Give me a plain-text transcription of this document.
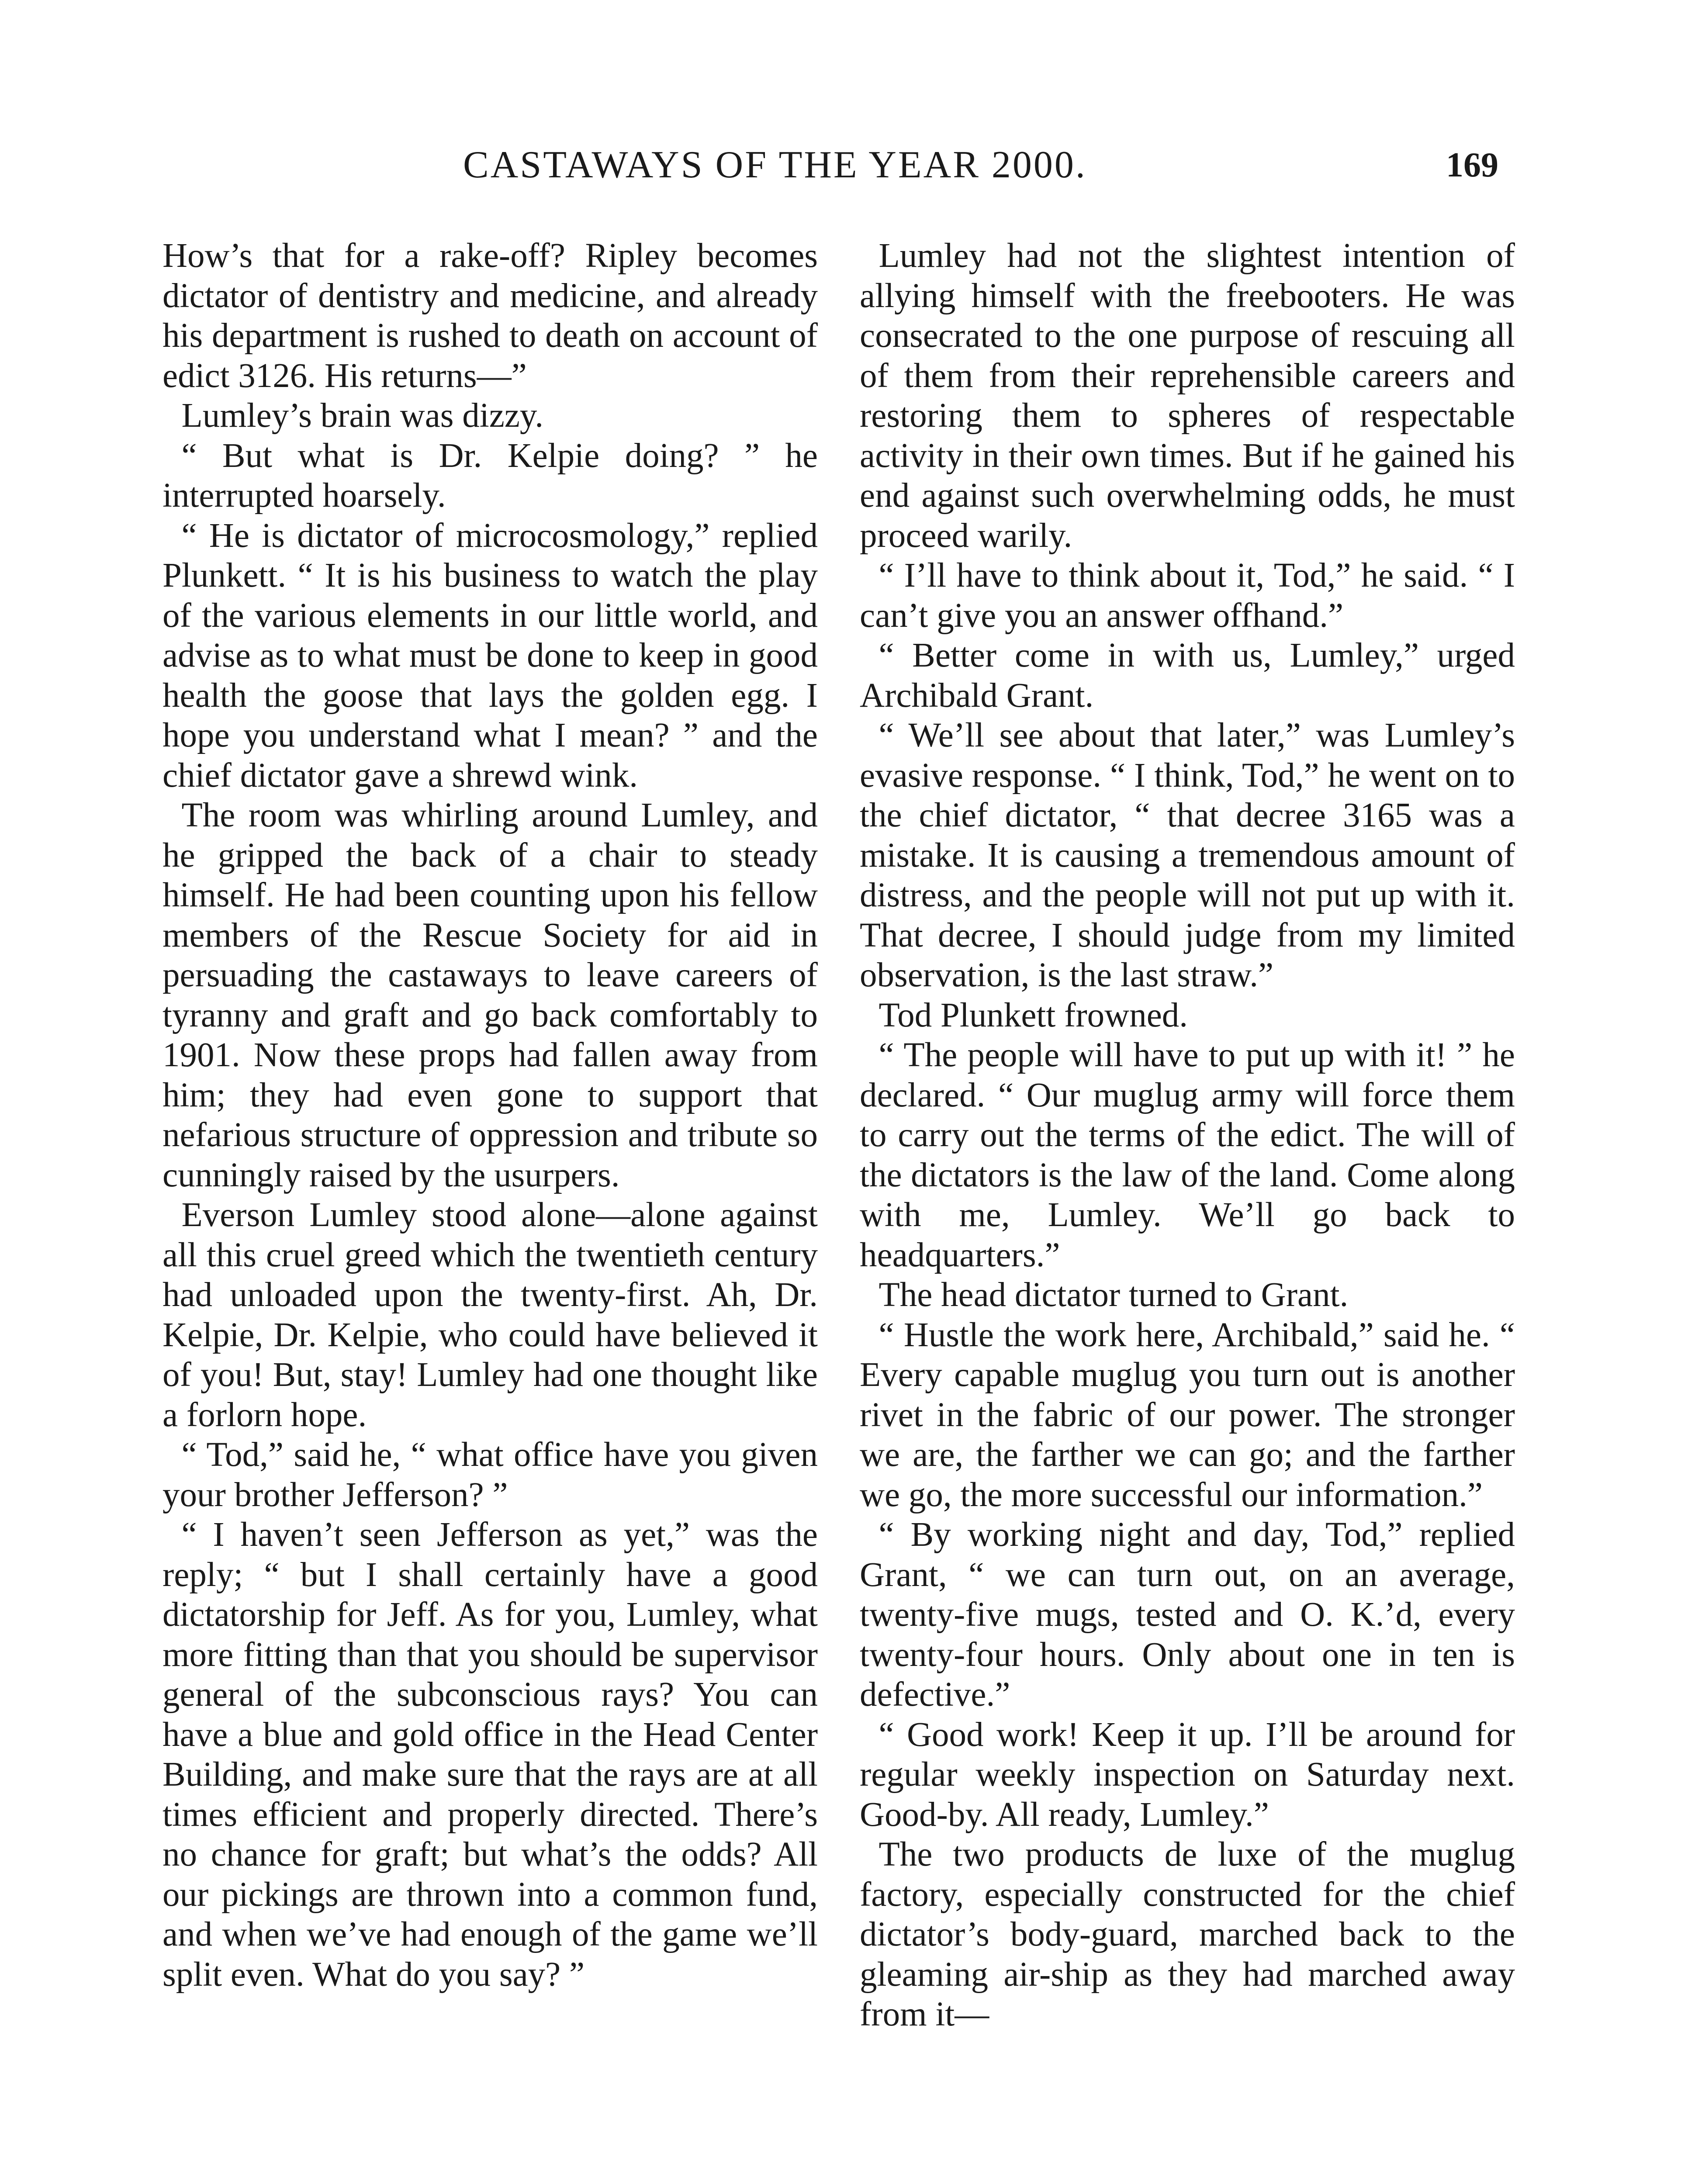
CASTAWAYS OF THE YEAR 2000.	169

How’s that for a rake-off? Ripley becomes dictator of dentistry and medicine, and already his department is rushed to death on account of edict 3126. His returns—”

Lumley’s brain was dizzy.

“ But what is Dr. Kelpie doing? ” he interrupted hoarsely.

“ He is dictator of microcosmology,” replied Plunkett. “ It is his business to watch the play of the various elements in our little world, and advise as to what must be done to keep in good health the goose that lays the golden egg. I hope you understand what I mean? ” and the chief dictator gave a shrewd wink.

The room was whirling around Lumley, and he gripped the back of a chair to steady himself. He had been counting upon his fellow members of the Rescue Society for aid in persuading the castaways to leave careers of tyranny and graft and go back comfortably to 1901. Now these props had fallen away from him; they had even gone to support that nefarious structure of oppression and tribute so cunningly raised by the usurpers.

Everson Lumley stood alone—alone against all this cruel greed which the twentieth century had unloaded upon the twenty-first. Ah, Dr. Kelpie, Dr. Kelpie, who could have believed it of you! But, stay! Lumley had one thought like a forlorn hope.

“ Tod,” said he, “ what office have you given your brother Jefferson? ”

“ I haven’t seen Jefferson as yet,” was the reply; “ but I shall certainly have a good dictatorship for Jeff. As for you, Lumley, what more fitting than that you should be supervisor general of the subconscious rays? You can have a blue and gold office in the Head Center Building, and make sure that the rays are at all times efficient and properly directed. There’s no chance for graft; but what’s the odds? All our pickings are thrown into a common fund, and when we’ve had enough of the game we’ll split even. What do you say? ”

Lumley had not the slightest intention of allying himself with the freebooters. He was consecrated to the one purpose of rescuing all of them from their reprehensible careers and restoring them to spheres of respectable activity in their own times. But if he gained his end against such overwhelming odds, he must proceed warily.

“ I’ll have to think about it, Tod,” he said. “ I can’t give you an answer offhand.”

“ Better come in with us, Lumley,” urged Archibald Grant.

“ We’ll see about that later,” was Lumley’s evasive response. “ I think, Tod,” he went on to the chief dictator, “ that decree 3165 was a mistake. It is causing a tremendous amount of distress, and the people will not put up with it. That decree, I should judge from my limited observation, is the last straw.”

Tod Plunkett frowned.

“ The people will have to put up with it! ” he declared. “ Our muglug army will force them to carry out the terms of the edict. The will of the dictators is the law of the land. Come along with me, Lumley. We’ll go back to headquarters.”

The head dictator turned to Grant.

“ Hustle the work here, Archibald,” said he. “ Every capable muglug you turn out is another rivet in the fabric of our power. The stronger we are, the farther we can go; and the farther we go, the more successful our information.”

“ By working night and day, Tod,” replied Grant, “ we can turn out, on an average, twenty-five mugs, tested and O. K.’d, every twenty-four hours. Only about one in ten is defective.”

“ Good work! Keep it up. I’ll be around for regular weekly inspection on Saturday next. Good-by. All ready, Lumley.”

The two products de luxe of the muglug factory, especially constructed for the chief dictator’s body-guard, marched back to the gleaming air-ship as they had marched away from it—
